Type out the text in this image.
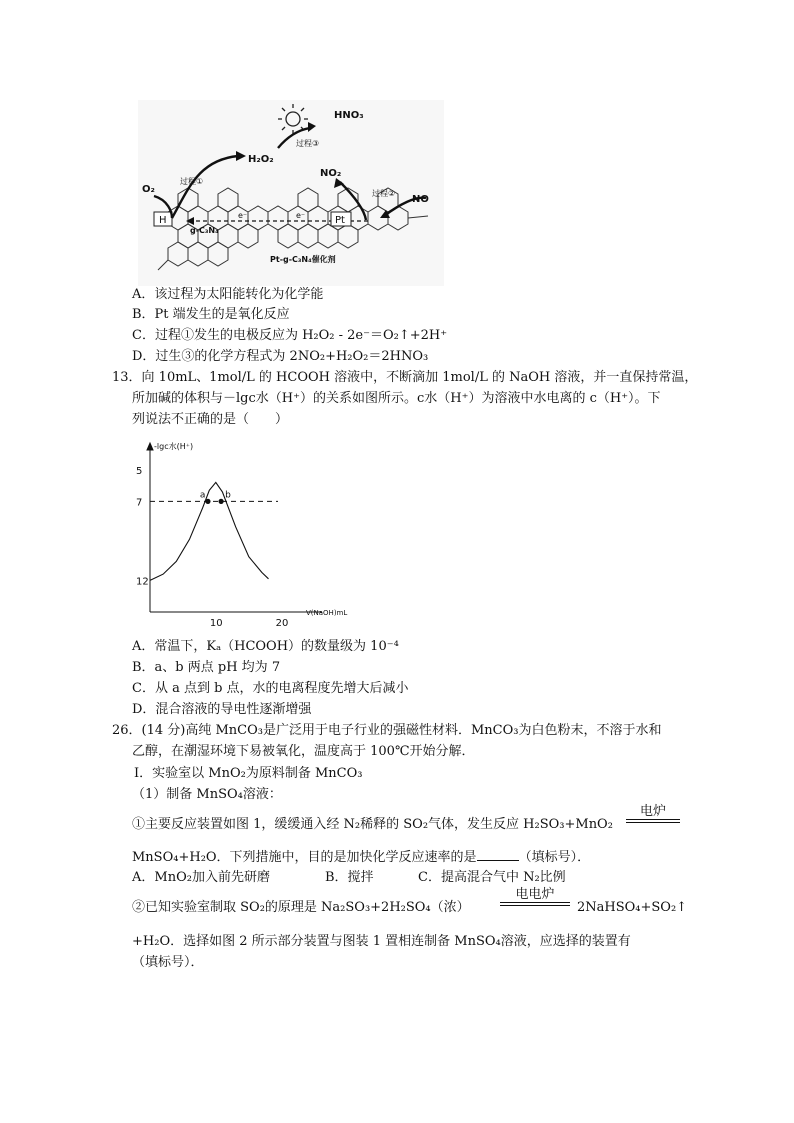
HNO₃
H₂O₂
O₂
NO₂
NO
过程①
过程②
过程③
H	Pt
g-C₃N₄
e⁻	e⁻
Pt-g-C₃N₄催化剂
A．该过程为太阳能转化为化学能
B．Pt 端发生的是氧化反应
C．过程①发生的电极反应为 H₂O₂ - 2e⁻＝O₂↑+2H⁺
D．过生③的化学方程式为 2NO₂+H₂O₂＝2HNO₃
13．向 10mL、1mol/L 的 HCOOH 溶液中，不断滴加 1mol/L 的 NaOH 溶液，并一直保持常温，
所加碱的体积与－lgc水（H⁺）的关系如图所示。c水（H⁺）为溶液中水电离的 c（H⁺）。下
列说法不正确的是（　　）
-lgc水(H⁺)
V(NaOH)mL
5
7
12
10	20
a b
A．常温下，Kₐ（HCOOH）的数量级为 10⁻⁴
B．a、b 两点 pH 均为 7
C．从 a 点到 b 点，水的电离程度先增大后减小
D．混合溶液的导电性逐渐增强
26．(14 分)高纯 MnCO₃是广泛用于电子行业的强磁性材料．MnCO₃为白色粉末，不溶于水和
乙醇，在潮湿环境下易被氧化，温度高于 100℃开始分解．
Ⅰ．实验室以 MnO₂为原料制备 MnCO₃
（1）制备 MnSO₄溶液：
①主要反应装置如图 1，缓缓通入经 N₂稀释的 SO₂气体，发生反应 H₂SO₃+MnO₂
电炉
MnSO₄+H₂O．下列措施中，目的是加快化学反应速率的是	（填标号）．
A．MnO₂加入前先研磨	B．搅拌	C．提高混合气中 N₂比例
②已知实验室制取 SO₂的原理是 Na₂SO₃+2H₂SO₄（浓）
电电炉
2NaHSO₄+SO₂↑
+H₂O．选择如图 2 所示部分装置与图装 1 置相连制备 MnSO₄溶液，应选择的装置有
（填标号）．
